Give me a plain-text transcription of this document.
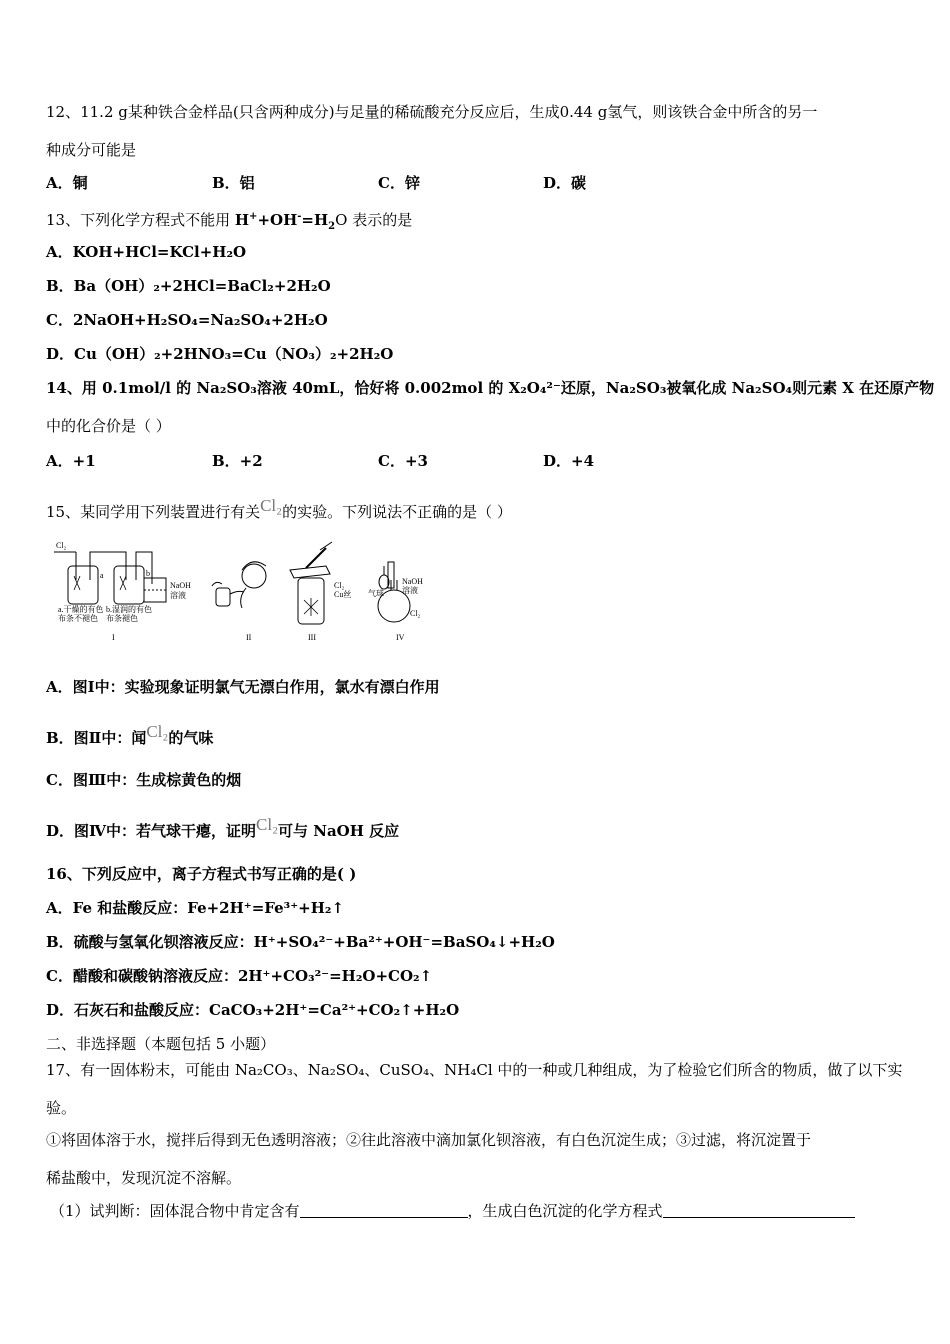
12、11.2 g某种铁合金样品(只含两种成分)与足量的稀硫酸充分反应后，生成0.44 g氢气，则该铁合金中所含的另一
种成分可能是
A．铜	B．铝	C．锌	D．碳
13、下列化学方程式不能用 $H^++OH^-=H_2O$ 表示的是
A．KOH+HCl=KCl+H₂O
B．Ba（OH）₂+2HCl=BaCl₂+2H₂O
C．2NaOH+H₂SO₄=Na₂SO₄+2H₂O
D．Cu（OH）₂+2HNO₃=Cu（NO₃）₂+2H₂O
14、用 0.1mol/l 的 Na₂SO₃溶液 40mL，恰好将 0.002mol 的 X₂O₄²⁻还原，Na₂SO₃被氧化成 Na₂SO₄则元素 X 在还原产物
中的化合价是（ ）
A．+1	B．+2	C．+3	D．+4
15、某同学用下列装置进行有关Cl₂的实验。下列说法不正确的是（ ）
Cl₂
a	b
NaOH
溶液
a.干燥的有色
布条不褪色
b.湿润的有色
布条褪色
I	II
Cl₂
Cu丝
III
NaOH
溶液
气球
Cl₂
IV
A．图Ⅰ中：实验现象证明氯气无漂白作用，氯水有漂白作用
B．图Ⅱ中：闻Cl₂的气味
C．图Ⅲ中：生成棕黄色的烟
D．图Ⅳ中：若气球干瘪，证明Cl₂可与 NaOH 反应
16、下列反应中，离子方程式书写正确的是( )
A．Fe 和盐酸反应：Fe+2H⁺=Fe³⁺+H₂↑
B．硫酸与氢氧化钡溶液反应：H⁺+SO₄²⁻+Ba²⁺+OH⁻=BaSO₄↓+H₂O
C．醋酸和碳酸钠溶液反应：2H⁺+CO₃²⁻=H₂O+CO₂↑
D．石灰石和盐酸反应：CaCO₃+2H⁺=Ca²⁺+CO₂↑+H₂O
二、非选择题（本题包括 5 小题）
17、有一固体粉末，可能由 Na₂CO₃、Na₂SO₄、CuSO₄、NH₄Cl 中的一种或几种组成，为了检验它们所含的物质，做了以下实
验。
①将固体溶于水，搅拌后得到无色透明溶液；②往此溶液中滴加氯化钡溶液，有白色沉淀生成；③过滤，将沉淀置于
稀盐酸中，发现沉淀不溶解。
（1）试判断：固体混合物中肯定含有	，生成白色沉淀的化学方程式
